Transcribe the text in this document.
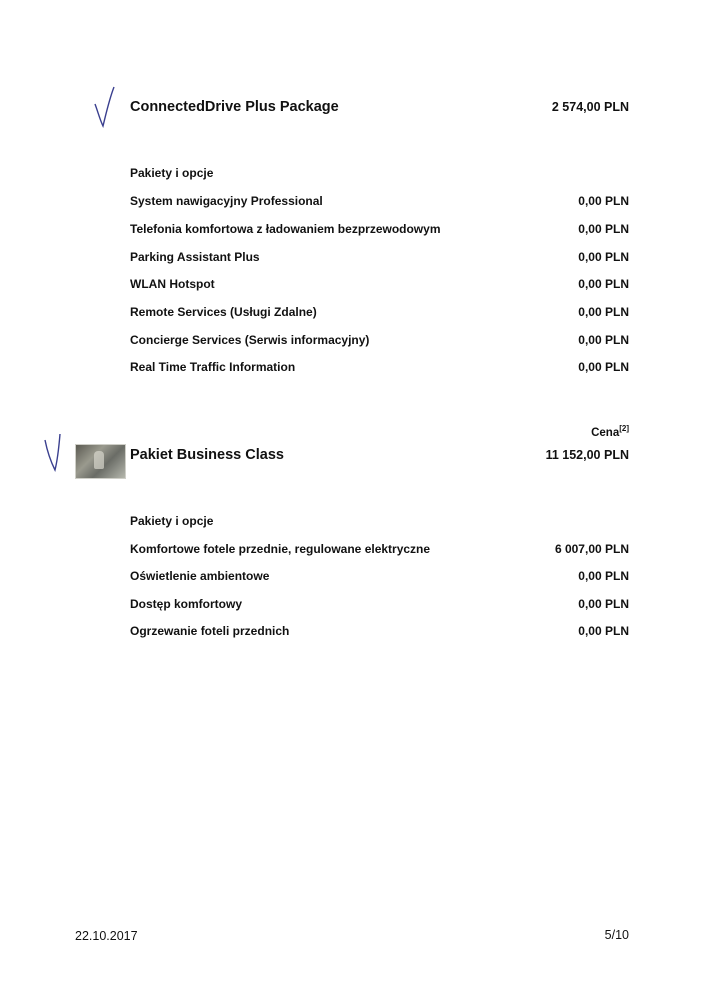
ConnectedDrive Plus Package	2 574,00 PLN
Pakiety i opcje
System nawigacyjny Professional	0,00 PLN
Telefonia komfortowa z ładowaniem bezprzewodowym	0,00 PLN
Parking Assistant Plus	0,00 PLN
WLAN Hotspot	0,00 PLN
Remote Services (Usługi Zdalne)	0,00 PLN
Concierge Services (Serwis informacyjny)	0,00 PLN
Real Time Traffic Information	0,00 PLN
Cena[2]
Pakiet Business Class	11 152,00 PLN
Pakiety i opcje
Komfortowe fotele przednie, regulowane elektryczne	6 007,00 PLN
Oświetlenie ambientowe	0,00 PLN
Dostęp komfortowy	0,00 PLN
Ogrzewanie foteli przednich	0,00 PLN
22.10.2017	5/10
